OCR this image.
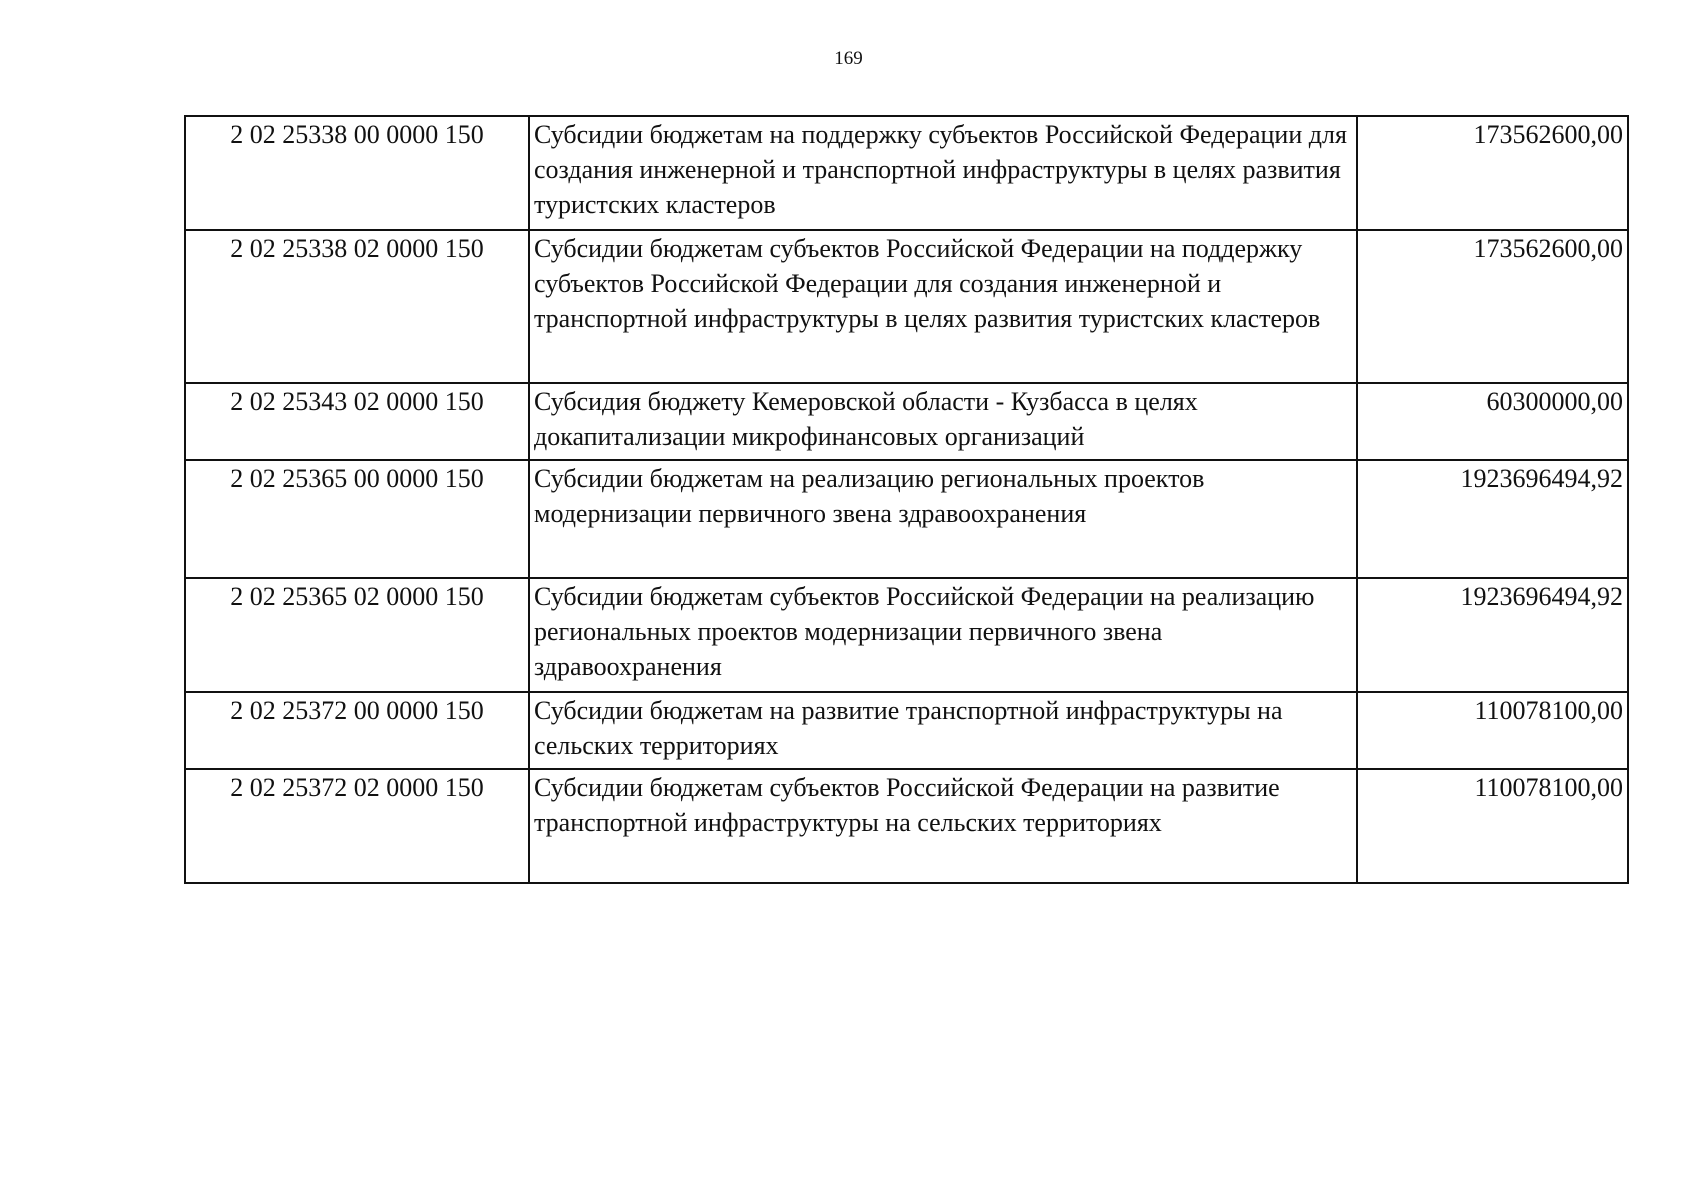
169
2 02 25338 00 0000 150	Субсидии бюджетам на поддержку субъектов Российской Федерации для создания инженерной и транспортной инфраструктуры в целях развития туристских кластеров	173562600,00
2 02 25338 02 0000 150	Субсидии бюджетам субъектов Российской Федерации на поддержку субъектов Российской Федерации для создания инженерной и транспортной инфраструктуры в целях развития туристских кластеров	173562600,00
2 02 25343 02 0000 150	Субсидия бюджету Кемеровской области - Кузбасса в целях докапитализации микрофинансовых организаций	60300000,00
2 02 25365 00 0000 150	Субсидии бюджетам на реализацию региональных проектов модернизации первичного звена здравоохранения	1923696494,92
2 02 25365 02 0000 150	Субсидии бюджетам субъектов Российской Федерации на реализацию региональных проектов модернизации первичного звена здравоохранения	1923696494,92
2 02 25372 00 0000 150	Субсидии бюджетам на развитие транспортной инфраструктуры на сельских территориях	110078100,00
2 02 25372 02 0000 150	Субсидии бюджетам субъектов Российской Федерации на развитие транспортной инфраструктуры на сельских территориях	110078100,00
